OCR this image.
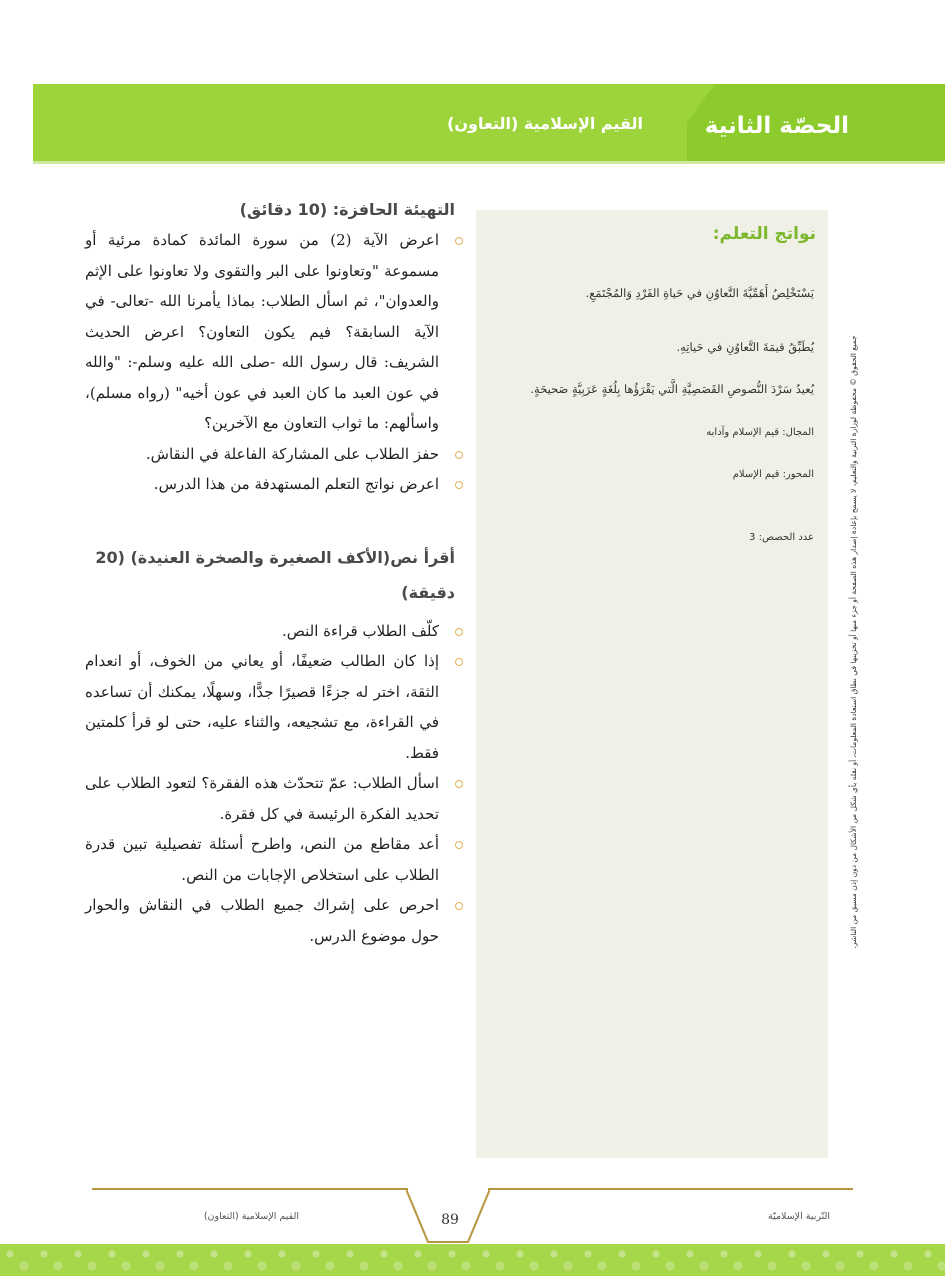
الحصّة الثانية
القيم الإسلامية (التعاون)
نواتج التعلم:
يَسْتَخْلِصُ أَهَمِّيَّةَ التَّعاوُنِ في حَياةِ الفَرْدِ وَالمُجْتَمَعِ.
يُطَبِّقُ قيمَةَ التَّعاوُنِ في حَياتِهِ.
يُعيدُ سَرْدَ النُّصوصِ القَصَصِيَّةِ الَّتي يَقْرَؤُها بِلُغَةٍ عَرَبِيَّةٍ صَحيحَةٍ.
المجال: قيم الإسلام وآدابه
المحور: قيم الإسلام
عدد الحصص: 3	جميع الحقوق © محفوظة لوزارة التربية والتعليم، لا يسمح بإعادة إصدار هذه الصفحة أو جزء منها أو تخزينها في نطاق استعادة المعلومات، أو نقله بأي شكل من الأشكال من دون إذن مسبق من الناشر.
التهيئة الحافزة: (10 دقائق)
اعرض الآية (2) من سورة المائدة كمادة مرئية أو مسموعة "وتعاونوا على البر والتقوى ولا تعاونوا على الإثم والعدوان"، ثم اسأل الطلاب: بماذا يأمرنا الله -تعالى- في الآية السابقة؟ فيم يكون التعاون؟ اعرض الحديث الشريف: قال رسول الله -صلى الله عليه وسلم-: "والله في عون العبد ما كان العبد في عون أخيه" (رواه مسلم)، واسألهم: ما ثواب التعاون مع الآخرين؟
حفز الطلاب على المشاركة الفاعلة في النقاش.
اعرض نواتج التعلم المستهدفة من هذا الدرس.
أقرأ نص(الأكف الصغيرة والصخرة العنيدة) (20 دقيقة)
كلّف الطلاب قراءة النص.
إذا كان الطالب ضعيفًا، أو يعاني من الخوف، أو انعدام الثقة، اختر له جزءًا قصيرًا جدًّا، وسهلًا، يمكنك أن تساعده في القراءة، مع تشجيعه، والثناء عليه، حتى لو قرأ كلمتين فقط.
اسأل الطلاب: عمّ تتحدّث هذه الفقرة؟ لتعود الطلاب على تحديد الفكرة الرئيسة في كل فقرة.
أعد مقاطع من النص، واطرح أسئلة تفصيلية تبين قدرة الطلاب على استخلاص الإجابات من النص.
احرص على إشراك جميع الطلاب في النقاش والحوار حول موضوع الدرس.
89
القيم الإسلامية (التعاون)	التّربية الإسلاميّة
